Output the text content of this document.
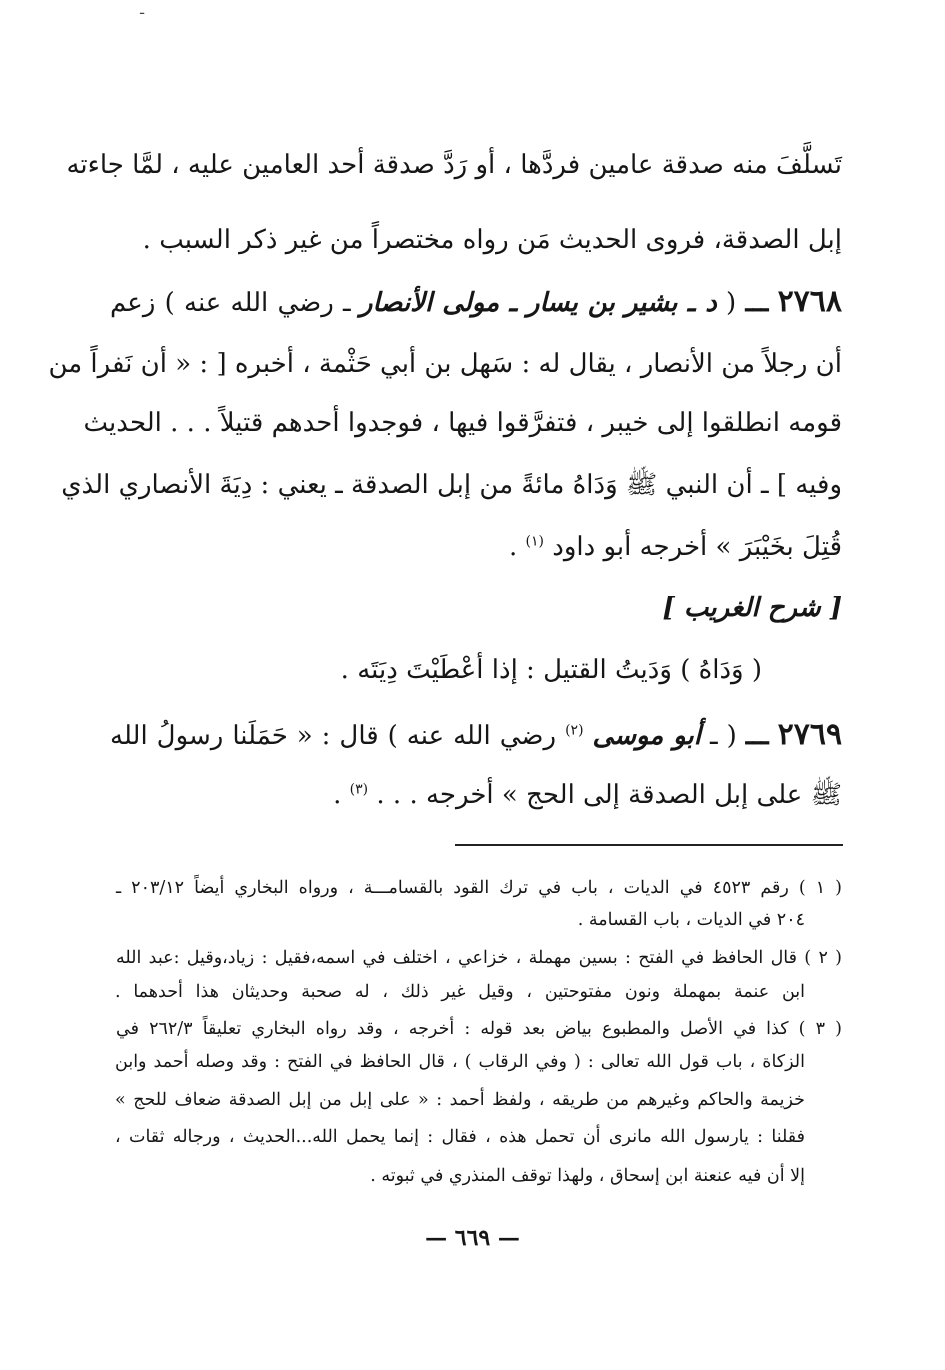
ـ
تَسلَّفَ منه صدقة عامين فردَّها ، أو رَدَّ صدقة أحد العامين عليه ، لمَّا جاءته
إبل الصدقة، فروى الحديث مَن رواه مختصراً من غير ذكر السبب .
٢٧٦٨ ـــ ( د ـ بشير بن يسار ـ مولى الأنصار ـ رضي الله عنه ) زعم
أن رجلاً من الأنصار ، يقال له : سَهل بن أبي حَثْمة ، أخبره [ : « أن نَفراً من
قومه انطلقوا إلى خيبر ، فتفرَّقوا فيها ، فوجدوا أحدهم قتيلاً . . . الحديث
وفيه ] ـ أن النبي ﷺ وَدَاهُ مائةً من إبل الصدقة ـ يعني : دِيَةَ الأنصاري الذي
قُتِلَ بخَيْبَرَ » أخرجه أبو داود $^{(١)}$ .
[ شرح الغريب ]
( وَدَاهُ ) وَدَيتُ القتيل : إذا أعْطَيْتَ دِيَتَه .
٢٧٦٩ ـــ ( ـ أبو موسى $^{(٢)}$ رضي الله عنه ) قال : « حَمَلَنا رسولُ الله
ﷺ على إبل الصدقة إلى الحج » أخرجه . . . $^{(٣)}$ .
( ١ ) رقم ٤٥٢٣ في الديات ، باب في ترك القود بالقسامـــة ، ورواه البخاري أيضاً ٢٠٣/١٢ ـ
٢٠٤ في الديات ، باب القسامة .
( ٢ ) قال الحافظ في الفتح : بسين مهملة ، خزاعي ، اختلف في اسمه،فقيل : زياد،وقيل :عبد الله
ابن عنمة بمهملة ونون مفتوحتين ، وقيل غير ذلك ، له صحبة وحديثان هذا أحدهما .
( ٣ ) كذا في الأصل والمطبوع بياض بعد قوله : أخرجه ، وقد رواه البخاري تعليقاً ٢٦٢/٣ في
الزكاة ، باب قول الله تعالى : ( وفي الرقاب ) ، قال الحافظ في الفتح : وقد وصله أحمد وابن
خزيمة والحاكم وغيرهم من طريقه ، ولفظ أحمد : « على إبل من إبل الصدقة ضعاف للحج »
فقلنا : يارسول الله مانرى أن تحمل هذه ، فقال : إنما يحمل الله...الحديث ، ورجاله ثقات ،
إلا أن فيه عنعنة ابن إسحاق ، ولهذا توقف المنذري في ثبوته .
— ٦٦٩ —
